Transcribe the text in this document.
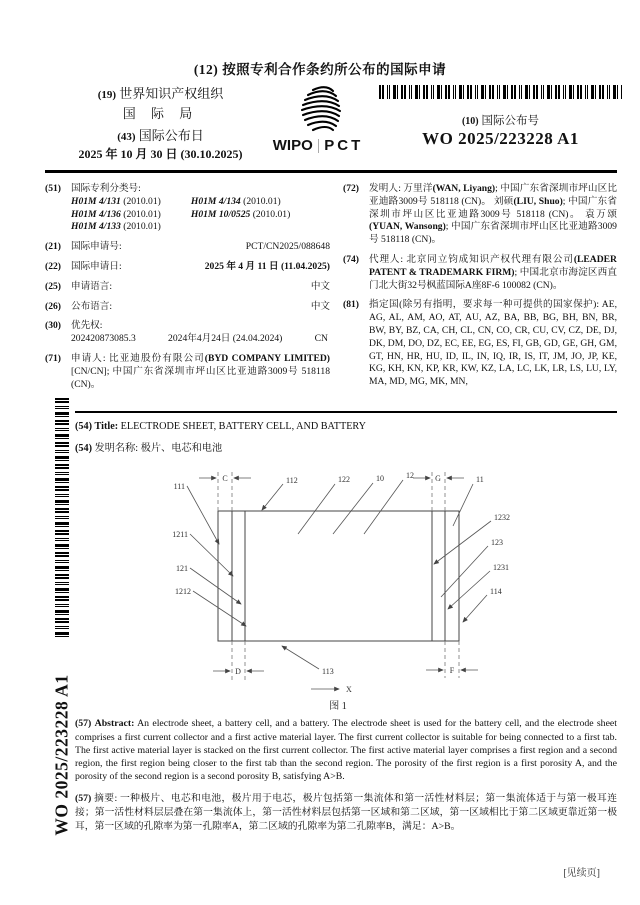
(12) 按照专利合作条约所公布的国际申请
(19) 世界知识产权组织
国 际 局
(43) 国际公布日
2025 年 10 月 30 日 (30.10.2025)	WIPO PCT
(10) 国际公布号
WO 2025/223228 A1
(51)	国际专利分类号:
H01M 4/131 (2010.01)	H01M 4/134 (2010.01)
H01M 4/136 (2010.01)	H01M 10/0525 (2010.01)
H01M 4/133 (2010.01)
(21)	国际申请号:	PCT/CN2025/088648
(22)	国际申请日:	2025 年 4 月 11 日 (11.04.2025)
(25)	申请语言:	中文
(26)	公布语言:	中文
(30)	优先权:
202420873085.3	2024年4月24日 (24.04.2024)	CN
(71)	申请人: 比亚迪股份有限公司(BYD COMPANY LIMITED) [CN/CN]; 中国广东省深圳市坪山区比亚迪路3009号 518118 (CN)。
(72)	发明人: 万里洋(WAN, Liyang); 中国广东省深圳市坪山区比亚迪路3009号 518118 (CN)。 刘硕(LIU, Shuo); 中国广东省深圳市坪山区比亚迪路3009号 518118 (CN)。 袁万颂(YUAN, Wansong); 中国广东省深圳市坪山区比亚迪路3009号 518118 (CN)。
(74)	代理人: 北京同立钧成知识产权代理有限公司(LEADER PATENT & TRADEMARK FIRM); 中国北京市海淀区西直门北大街32号枫蓝国际A座8F-6 100082 (CN)。
(81)	指定国(除另有指明，要求每一种可提供的国家保护): AE, AG, AL, AM, AO, AT, AU, AZ, BA, BB, BG, BH, BN, BR, BW, BY, BZ, CA, CH, CL, CN, CO, CR, CU, CV, CZ, DE, DJ, DK, DM, DO, DZ, EC, EE, EG, ES, FI, GB, GD, GE, GH, GM, GT, HN, HR, HU, ID, IL, IN, IQ, IR, IS, IT, JM, JO, JP, KE, KG, KH, KN, KP, KR, KW, KZ, LA, LC, LK, LR, LS, LU, LY, MA, MD, MG, MK, MN,
(54) Title: ELECTRODE SHEET, BATTERY CELL, AND BATTERY
(54) 发明名称: 极片、电芯和电池
C	G
D	F
111
1211
121
1212
112	122	10	12	11
1232
123
1231
114
113
X
图 1
(57) Abstract: An electrode sheet, a battery cell, and a battery. The electrode sheet is used for the battery cell, and the electrode sheet comprises a first current collector and a first active material layer. The first current collector is suitable for being connected to a first tab. The first active material layer is stacked on the first current collector. The first active material layer comprises a first region and a second region, the first region being closer to the first tab than the second region. The porosity of the first region is a first porosity A, and the porosity of the second region is a second porosity B, satisfying A>B.
(57) 摘要: 一种极片、电芯和电池，极片用于电芯，极片包括第一集流体和第一活性材料层；第一集流体适于与第一极耳连接；第一活性材料层层叠在第一集流体上，第一活性材料层包括第一区域和第二区域，第一区域相比于第二区域更靠近第一极耳，第一区域的孔隙率为第一孔隙率A，第二区域的孔隙率为第二孔隙率B，满足：A>B。
WO 2025/223228 A1
[见续页]
